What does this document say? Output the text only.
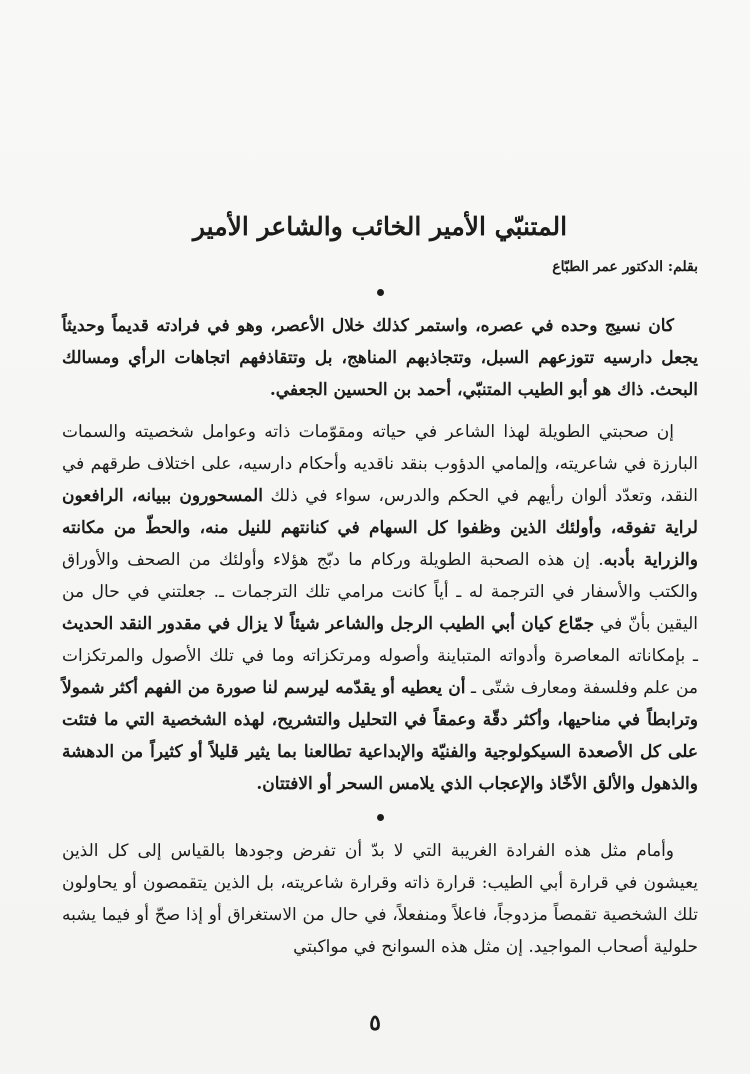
المتنبّي الأمير الخائب والشاعر الأمير
بقلم: الدكتور عمر الطبّاع

كان نسيج وحده في عصره، واستمر كذلك خلال الأعصر، وهو في فرادته قديماً وحديثاً يجعل دارسيه تتوزعهم السبل، وتتجاذبهم المناهج، بل وتتقاذفهم اتجاهات الرأي ومسالك البحث. ذاك هو أبو الطيب المتنبّي، أحمد بن الحسين الجعفي.

إن صحبتي الطويلة لهذا الشاعر في حياته ومقوّمات ذاته وعوامل شخصيته والسمات البارزة في شاعريته، وإلمامي الدؤوب بنقد ناقديه وأحكام دارسيه، على اختلاف طرقهم في النقد، وتعدّد ألوان رأيهم في الحكم والدرس، سواء في ذلك المسحورون ببيانه، الرافعون لراية تفوقه، وأولئك الذين وظفوا كل السهام في كنانتهم للنيل منه، والحطّ من مكانته والزراية بأدبه. إن هذه الصحبة الطويلة وركام ما دبّج هؤلاء وأولئك من الصحف والأوراق والكتب والأسفار في الترجمة له ـ أياً كانت مرامي تلك الترجمات ـ. جعلتني في حال من اليقين بأنّ في جمّاع كيان أبي الطيب الرجل والشاعر شيئاً لا يزال في مقدور النقد الحديث ـ بإمكاناته المعاصرة وأدواته المتباينة وأصوله ومرتكزاته وما في تلك الأصول والمرتكزات من علم وفلسفة ومعارف شتّى ـ أن يعطيه أو يقدّمه ليرسم لنا صورة من الفهم أكثر شمولاً وترابطاً في مناحيها، وأكثر دقّة وعمقاً في التحليل والتشريح، لهذه الشخصية التي ما فتئت على كل الأصعدة السيكولوجية والفنيّة والإبداعية تطالعنا بما يثير قليلاً أو كثيراً من الدهشة والذهول والألق الأخّاذ والإعجاب الذي يلامس السحر أو الافتتان.

وأمام مثل هذه الفرادة الغريبة التي لا بدّ أن تفرض وجودها بالقياس إلى كل الذين يعيشون في قرارة أبي الطيب: قرارة ذاته وقرارة شاعريته، بل الذين يتقمصون أو يحاولون تلك الشخصية تقمصاً مزدوجاً، فاعلاً ومنفعلاً، في حال من الاستغراق أو إذا صحّ أو فيما يشبه حلولية أصحاب المواجيد. إن مثل هذه السوانح في مواكبتي

٥
